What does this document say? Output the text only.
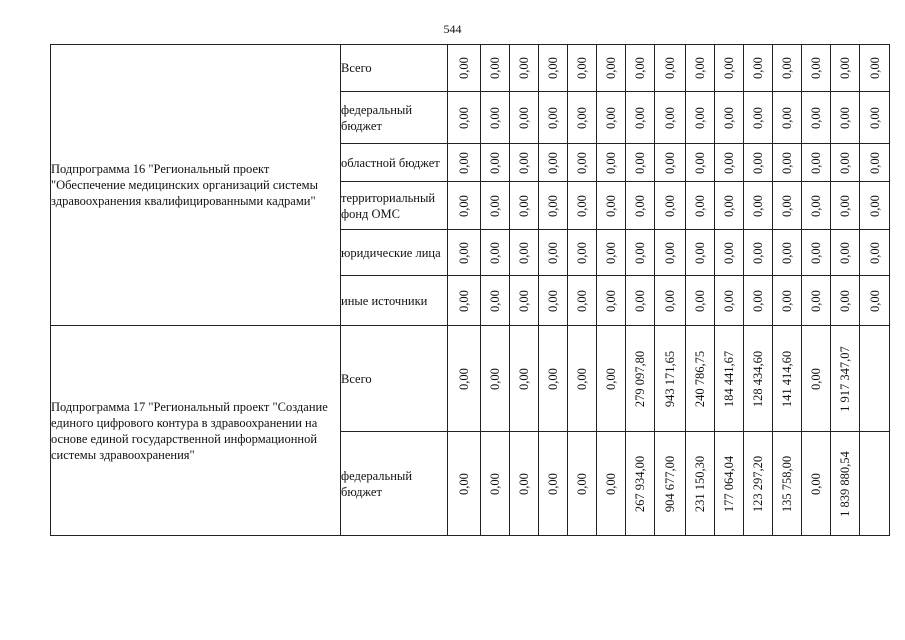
544
Подпрограмма 16 "Региональный проект "Обеспечение медицинских организаций системы здравоохранения квалифицированными кадрами"	Всего	0,00	0,00	0,00	0,00	0,00	0,00	0,00	0,00	0,00	0,00	0,00	0,00	0,00	0,00	0,00

	федеральный бюджет	0,00	0,00	0,00	0,00	0,00	0,00	0,00	0,00	0,00	0,00	0,00	0,00	0,00	0,00	0,00

	областной бюджет	0,00	0,00	0,00	0,00	0,00	0,00	0,00	0,00	0,00	0,00	0,00	0,00	0,00	0,00	0,00

	территориальный фонд ОМС	0,00	0,00	0,00	0,00	0,00	0,00	0,00	0,00	0,00	0,00	0,00	0,00	0,00	0,00	0,00

	юридические лица	0,00	0,00	0,00	0,00	0,00	0,00	0,00	0,00	0,00	0,00	0,00	0,00	0,00	0,00	0,00

	иные источники	0,00	0,00	0,00	0,00	0,00	0,00	0,00	0,00	0,00	0,00	0,00	0,00	0,00	0,00	0,00

Подпрограмма 17 "Региональный проект "Создание единого цифрового контура в здравоохранении на основе единой государственной информационной системы здравоохранения"	Всего	0,00	0,00	0,00	0,00	0,00	0,00	279 097,80	943 171,65	240 786,75	184 441,67	128 434,60	141 414,60	0,00	1 917 347,07	

	федеральный бюджет	0,00	0,00	0,00	0,00	0,00	0,00	267 934,00	904 677,00	231 150,30	177 064,04	123 297,20	135 758,00	0,00	1 839 880,54	
